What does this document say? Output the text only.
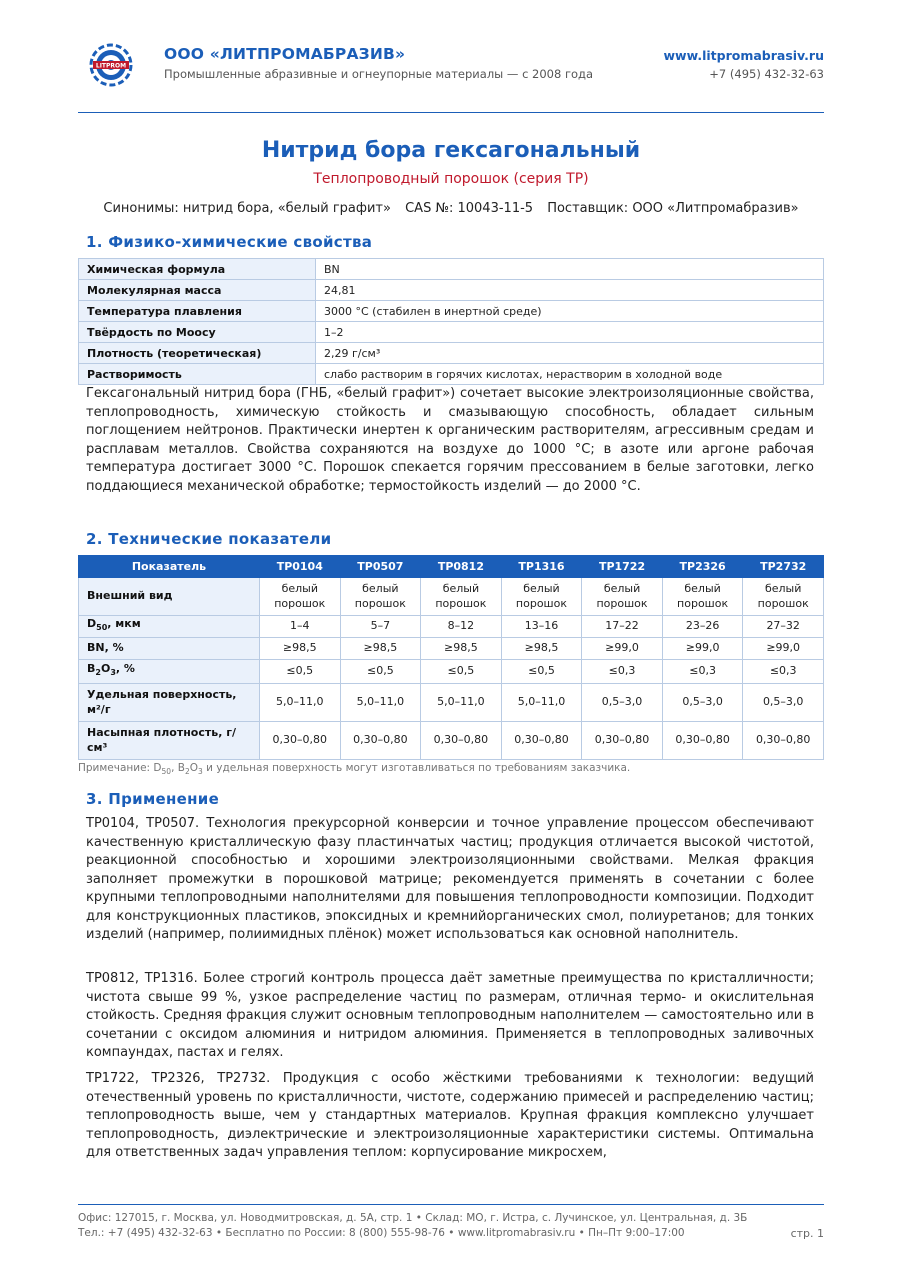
LITPROM
ООО «ЛИТПРОМАБРАЗИВ»
Промышленные абразивные и огнеупорные материалы — с 2008 года
www.litpromabrasiv.ru
+7 (495) 432-32-63
Нитрид бора гексагональный
Теплопроводный порошок (серия TP)
Синонимы: нитрид бора, «белый графит» CAS №: 10043-11-5 Поставщик: ООО «Литпромабразив»
1. Физико-химические свойства
Химическая формула	BN
Молекулярная масса	24,81
Температура плавления	3000 °C (стабилен в инертной среде)
Твёрдость по Моосу	1–2
Плотность (теоретическая)	2,29 г/см³
Растворимость	слабо растворим в горячих кислотах, нерастворим в холодной воде
Гексагональный нитрид бора (ГНБ, «белый графит») сочетает высокие электроизоляционные свойства, теплопроводность, химическую стойкость и смазывающую способность, обладает сильным поглощением нейтронов. Практически инертен к органическим растворителям, агрессивным средам и расплавам металлов. Свойства сохраняются на воздухе до 1000 °C; в азоте или аргоне рабочая температура достигает 3000 °C. Порошок спекается горячим прессованием в белые заготовки, легко поддающиеся механической обработке; термостойкость изделий — до 2000 °C.
2. Технические показатели
Показатель	TP0104	TP0507	TP0812	TP1316	TP1722	TP2326	TP2732
Внешний вид	белый порошок	белый порошок	белый порошок	белый порошок	белый порошок	белый порошок	белый порошок
$D_{50}$, мкм	1–4	5–7	8–12	13–16	17–22	23–26	27–32
BN, %	≥98,5	≥98,5	≥98,5	≥98,5	≥99,0	≥99,0	≥99,0
$B_2O_3$, %	≤0,5	≤0,5	≤0,5	≤0,5	≤0,3	≤0,3	≤0,3
Удельная поверхность, м²/г	5,0–11,0	5,0–11,0	5,0–11,0	5,0–11,0	0,5–3,0	0,5–3,0	0,5–3,0
Насыпная плотность, г/см³	0,30–0,80	0,30–0,80	0,30–0,80	0,30–0,80	0,30–0,80	0,30–0,80	0,30–0,80
Примечание: $D_{50}$, $B_2O_3$ и удельная поверхность могут изготавливаться по требованиям заказчика.
3. Применение
TP0104, TP0507. Технология прекурсорной конверсии и точное управление процессом обеспечивают качественную кристаллическую фазу пластинчатых частиц; продукция отличается высокой чистотой, реакционной способностью и хорошими электроизоляционными свойствами. Мелкая фракция заполняет промежутки в порошковой матрице; рекомендуется применять в сочетании с более крупными теплопроводными наполнителями для повышения теплопроводности композиции. Подходит для конструкционных пластиков, эпоксидных и кремнийорганических смол, полиуретанов; для тонких изделий (например, полиимидных плёнок) может использоваться как основной наполнитель.
TP0812, TP1316. Более строгий контроль процесса даёт заметные преимущества по кристалличности; чистота свыше 99 %, узкое распределение частиц по размерам, отличная термо- и окислительная стойкость. Средняя фракция служит основным теплопроводным наполнителем — самостоятельно или в сочетании с оксидом алюминия и нитридом алюминия. Применяется в теплопроводных заливочных компаундах, пастах и гелях.
TP1722, TP2326, TP2732. Продукция с особо жёсткими требованиями к технологии: ведущий отечественный уровень по кристалличности, чистоте, содержанию примесей и распределению частиц; теплопроводность выше, чем у стандартных материалов. Крупная фракция комплексно улучшает теплопроводность, диэлектрические и электроизоляционные характеристики системы. Оптимальна для ответственных задач управления теплом: корпусирование микросхем,
Офис: 127015, г. Москва, ул. Новодмитровская, д. 5А, стр. 1 • Склад: МО, г. Истра, с. Лучинское, ул. Центральная, д. 3Б
Тел.: +7 (495) 432-32-63 • Бесплатно по России: 8 (800) 555-98-76 • www.litpromabrasiv.ru • Пн–Пт 9:00–17:00	стр. 1
